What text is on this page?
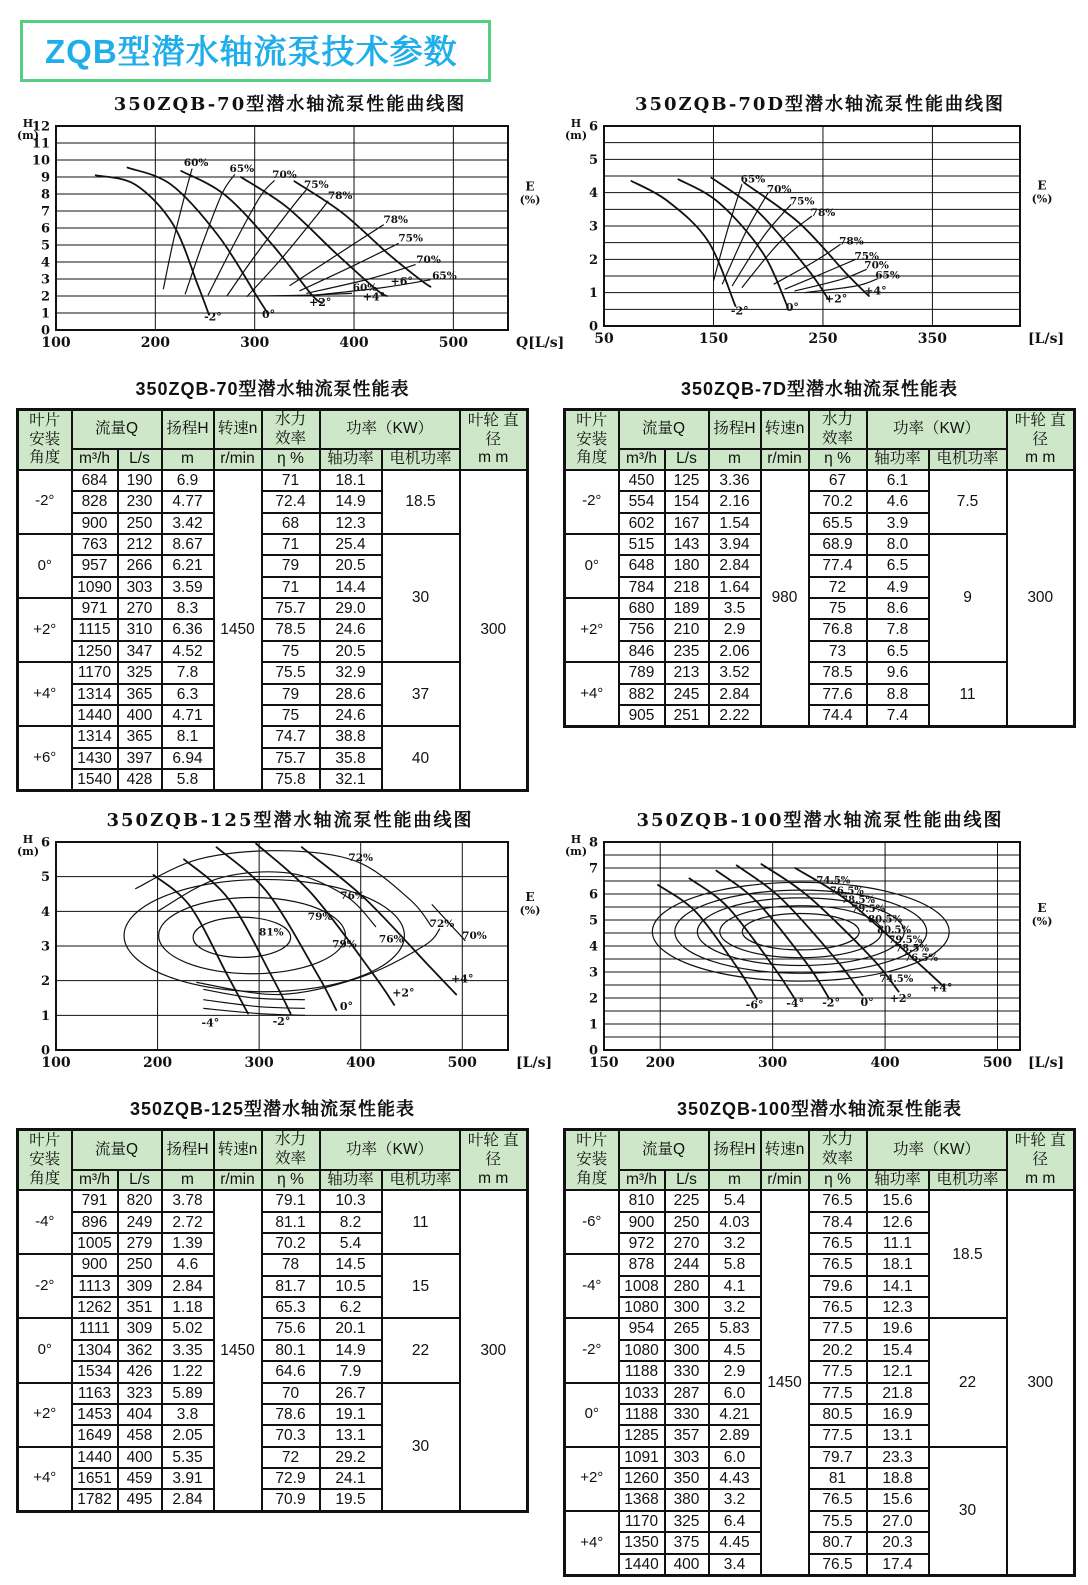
ZQB型潜水轴流泵技术参数
350ZQB-70型潜水轴流泵性能曲线图
0
1
2
3
4
5
6
7
8
9
10
11
12
100	200	300	400	500
H
(m)
E
(%)
Q[L/s]
60% 65% 70%
75%
78%
78%
75%
70%
65%
60% +6°
+4°
+2°
0°
-2°
350ZQB-70D型潜水轴流泵性能曲线图
0
1
2
3
4
5
6
50	150	250	350
H
(m)
E
(%)
[L/s]
65%
70%
75%
78%
78%
75%
70%
65%
+4°
+2°
0°
-2°
350ZQB-70型潜水轴流泵性能表
叶片
安装
角度	流量Q		扬程H	转速n	水力
效率	功率（KW）		叶轮 直
径
m m
	m³/h	L/s	m	r/min	η %	轴功率	电机功率	
-2°	684	190	6.9	1450	71	18.1	18.5	300
	828	230	4.77		72.4	14.9		
	900	250	3.42		68	12.3		
0°	763	212	8.67		71	25.4	30	
	957	266	6.21		79	20.5		
	1090	303	3.59		71	14.4		
+2°	971	270	8.3		75.7	29.0		
	1115	310	6.36		78.5	24.6		
	1250	347	4.52		75	20.5		
+4°	1170	325	7.8		75.5	32.9	37	
	1314	365	6.3		79	28.6		
	1440	400	4.71		75	24.6		
+6°	1314	365	8.1		74.7	38.8	40	
	1430	397	6.94		75.7	35.8		
	1540	428	5.8		75.8	32.1		
350ZQB-7D型潜水轴流泵性能表
叶片
安装
角度	流量Q		扬程H	转速n	水力
效率	功率（KW）		叶轮 直
径
m m
	m³/h	L/s	m	r/min	η %	轴功率	电机功率	
-2°	450	125	3.36	980	67	6.1	7.5	300
	554	154	2.16		70.2	4.6		
	602	167	1.54		65.5	3.9		
0°	515	143	3.94		68.9	8.0	9	
	648	180	2.84		77.4	6.5		
	784	218	1.64		72	4.9		
+2°	680	189	3.5		75	8.6		
	756	210	2.9		76.8	7.8		
	846	235	2.06		73	6.5		
+4°	789	213	3.52		78.5	9.6	11	
	882	245	2.84		77.6	8.8		
	905	251	2.22		74.4	7.4		
350ZQB-125型潜水轴流泵性能曲线图
0
1
2
3
4
5
6
100	200	300	400	500
H
(m)
E
(%)
[L/s]
72%
76%
79%
81%
79% 76%
72%
70%
+4°
+2°
0°
-2°
-4°
350ZQB-100型潜水轴流泵性能曲线图
0
1
2
3
4
5
6
7
8
150 200	300	400	500
H
(m)
E
(%)
[L/s]
74.5%
76.5%
78.5%
79.5%
80.5%
80.5%
79.5%
78.5%
76.5%
74.5%
+4°
+2°
0°
-2°
-4°
-6°
350ZQB-125型潜水轴流泵性能表
叶片
安装
角度	流量Q		扬程H	转速n	水力
效率	功率（KW）		叶轮 直
径
m m
	m³/h	L/s	m	r/min	η %	轴功率	电机功率	
-4°	791	820	3.78	1450	79.1	10.3	11	300
	896	249	2.72		81.1	8.2		
	1005	279	1.39		70.2	5.4		
-2°	900	250	4.6		78	14.5	15	
	1113	309	2.84		81.7	10.5		
	1262	351	1.18		65.3	6.2		
0°	1111	309	5.02		75.6	20.1	22	
	1304	362	3.35		80.1	14.9		
	1534	426	1.22		64.6	7.9		
+2°	1163	323	5.89		70	26.7	30	
	1453	404	3.8		78.6	19.1		
	1649	458	2.05		70.3	13.1		
+4°	1440	400	5.35		72	29.2		
	1651	459	3.91		72.9	24.1		
	1782	495	2.84		70.9	19.5		
350ZQB-100型潜水轴流泵性能表
叶片
安装
角度	流量Q		扬程H	转速n	水力
效率	功率（KW）		叶轮 直
径
m m
	m³/h	L/s	m	r/min	η %	轴功率	电机功率	
-6°	810	225	5.4	1450	76.5	15.6	18.5	300
	900	250	4.03		78.4	12.6		
	972	270	3.2		76.5	11.1		
-4°	878	244	5.8		76.5	18.1		
	1008	280	4.1		79.6	14.1		
	1080	300	3.2		76.5	12.3		
-2°	954	265	5.83		77.5	19.6	22	
	1080	300	4.5		20.2	15.4		
	1188	330	2.9		77.5	12.1		
0°	1033	287	6.0		77.5	21.8		
	1188	330	4.21		80.5	16.9		
	1285	357	2.89		77.5	13.1		
+2°	1091	303	6.0		79.7	23.3	30	
	1260	350	4.43		81	18.8		
	1368	380	3.2		76.5	15.6		
+4°	1170	325	6.4		75.5	27.0		
	1350	375	4.45		80.7	20.3		
	1440	400	3.4		76.5	17.4		
